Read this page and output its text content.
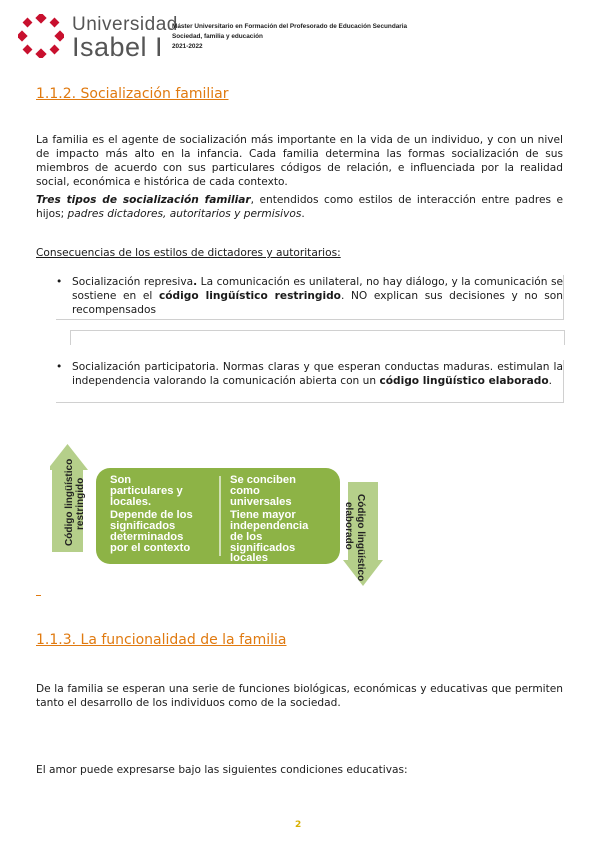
Universidad
Isabel I
Máster Universitario en Formación del Profesorado de Educación Secundaria
Sociedad, familia y educación
2021-2022
1.1.2. Socialización familiar
La familia es el agente de socialización más importante en la vida de un individuo, y con un nivel de impacto más alto en la infancia. Cada familia determina las formas socialización de sus miembros de acuerdo con sus particulares códigos de relación, e influenciada por la realidad social, económica e histórica de cada contexto.
Tres tipos de socialización familiar, entendidos como estilos de interacción entre padres e hijos; padres dictadores, autoritarios y permisivos.
Consecuencias de los estilos de dictadores y autoritarios:
• Socialización represiva. La comunicación es unilateral, no hay diálogo, y la comunicación se sostiene en el código lingüístico restringido. NO explican sus decisiones y no son recompensados
• Socialización participatoria. Normas claras y que esperan conductas maduras. estimulan la independencia valorando la comunicación abierta con un código lingüístico elaborado.
Código lingüístico restringido Son
particulares y
locales.
Depende de los
significados
determinados
por el contexto
Se conciben
como
universales
Tiene mayor
independencia
de los
significados
locales	Código lingüístico
elaborado
1.1.3. La funcionalidad de la familia
De la familia se esperan una serie de funciones biológicas, económicas y educativas que permiten tanto el desarrollo de los individuos como de la sociedad.
El amor puede expresarse bajo las siguientes condiciones educativas:
2
